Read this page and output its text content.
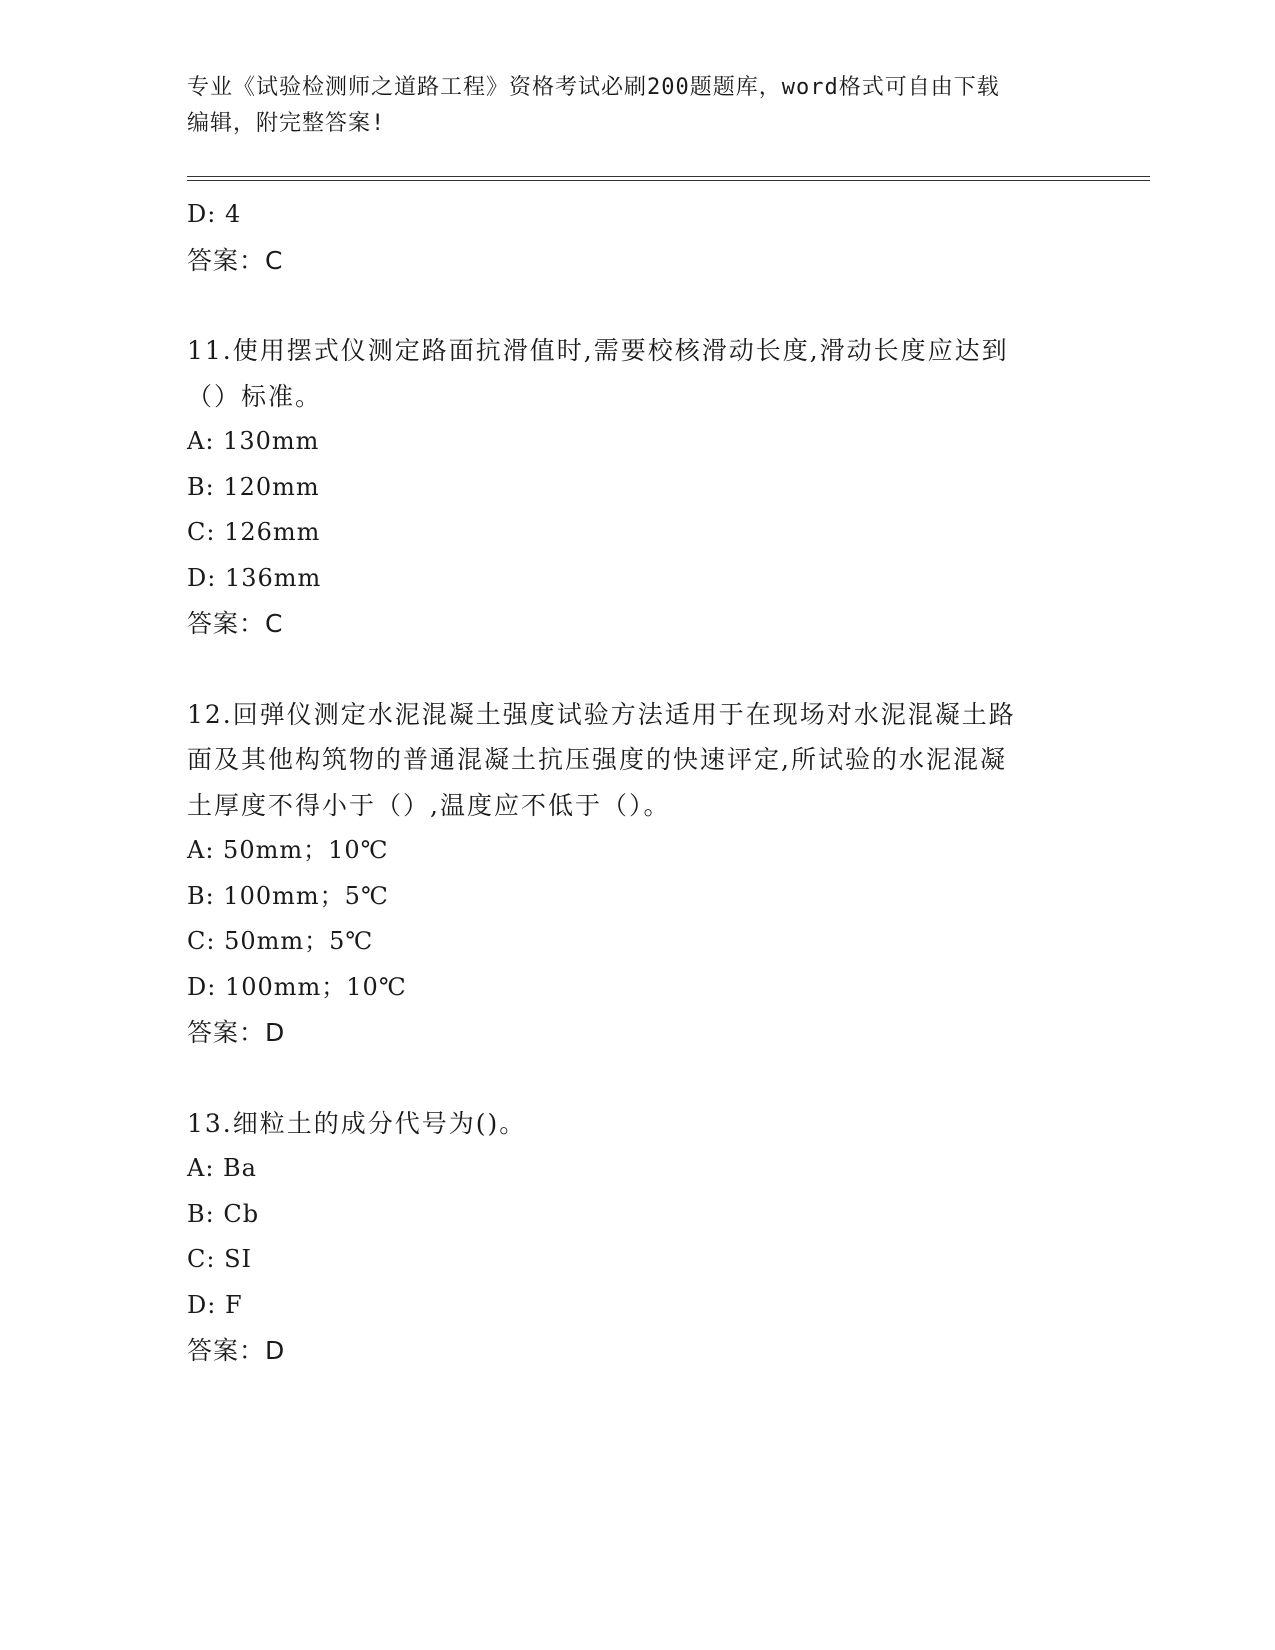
专业《试验检测师之道路工程》资格考试必刷200题题库，word格式可自由下载
编辑，附完整答案!
D: 4
答案：C
11.使用摆式仪测定路面抗滑值时,需要校核滑动长度,滑动长度应达到
（）标准。
A: 130mm
B: 120mm
C: 126mm
D: 136mm
答案：C
12.回弹仪测定水泥混凝土强度试验方法适用于在现场对水泥混凝土路
面及其他构筑物的普通混凝土抗压强度的快速评定,所试验的水泥混凝
土厚度不得小于（）,温度应不低于（）。
A: 50mm；10℃
B: 100mm；5℃
C: 50mm；5℃
D: 100mm；10℃
答案：D
13.细粒土的成分代号为()。
A: Ba
B: Cb
C: SI
D: F
答案：D
